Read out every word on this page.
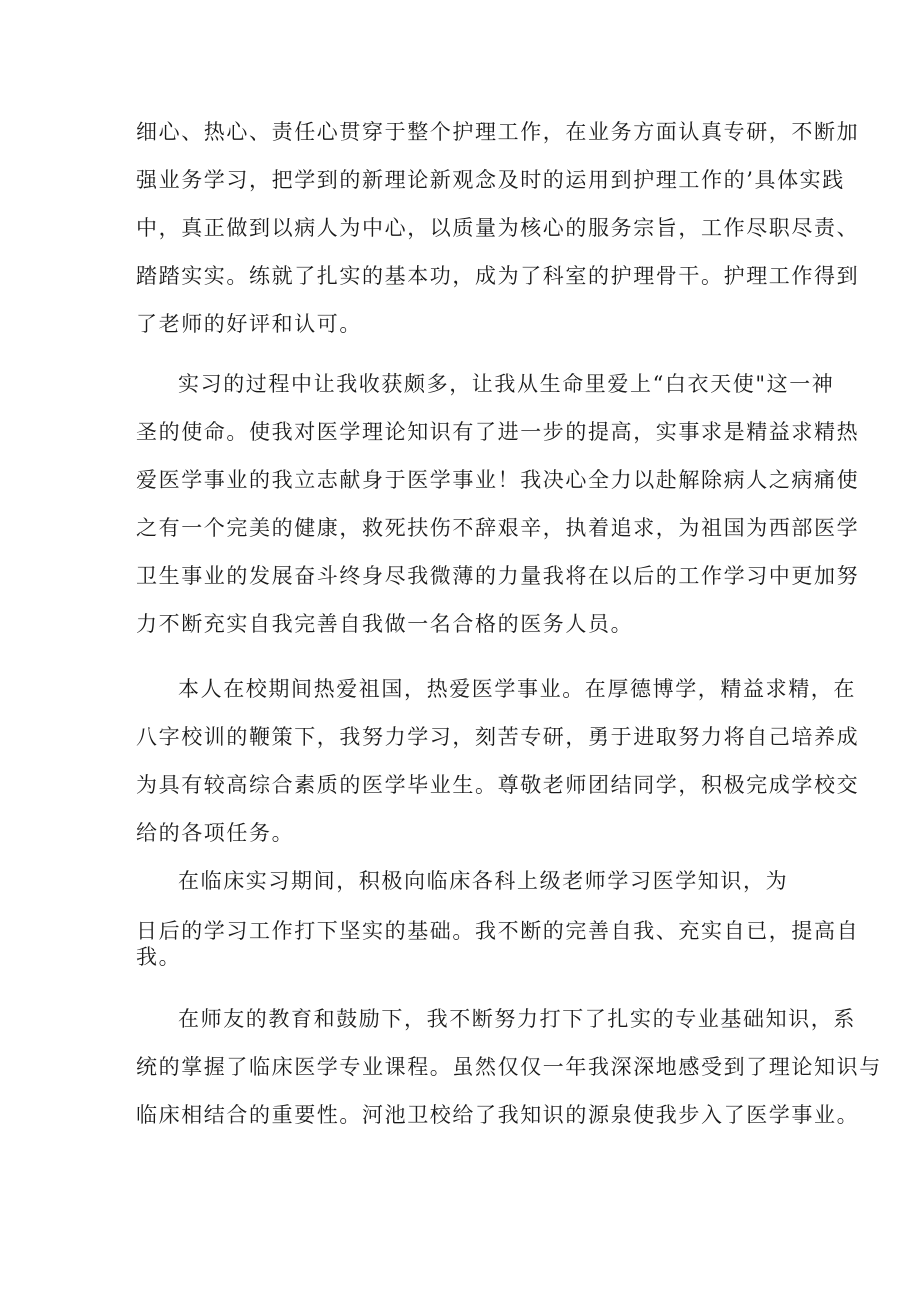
细心、热心、责任心贯穿于整个护理工作，在业务方面认真专研，不断加
强业务学习，把学到的新理论新观念及时的运用到护理工作的’具体实践
中，真正做到以病人为中心，以质量为核心的服务宗旨，工作尽职尽责、
踏踏实实。练就了扎实的基本功，成为了科室的护理骨干。护理工作得到
了老师的好评和认可。
实习的过程中让我收获颇多，让我从生命里爱上“白衣天使"这一神
圣的使命。使我对医学理论知识有了进一步的提高，实事求是精益求精热
爱医学事业的我立志献身于医学事业！我决心全力以赴解除病人之病痛使
之有一个完美的健康，救死扶伤不辞艰辛，执着追求，为祖国为西部医学
卫生事业的发展奋斗终身尽我微薄的力量我将在以后的工作学习中更加努
力不断充实自我完善自我做一名合格的医务人员。
本人在校期间热爱祖国，热爱医学事业。在厚德博学，精益求精，在
八字校训的鞭策下，我努力学习，刻苦专研，勇于进取努力将自己培养成
为具有较高综合素质的医学毕业生。尊敬老师团结同学，积极完成学校交
给的各项任务。
在临床实习期间，积极向临床各科上级老师学习医学知识，为
日后的学习工作打下坚实的基础。我不断的完善自我、充实自已，提高自
我。
在师友的教育和鼓励下，我不断努力打下了扎实的专业基础知识，系
统的掌握了临床医学专业课程。虽然仅仅一年我深深地感受到了理论知识与
临床相结合的重要性。河池卫校给了我知识的源泉使我步入了医学事业。
